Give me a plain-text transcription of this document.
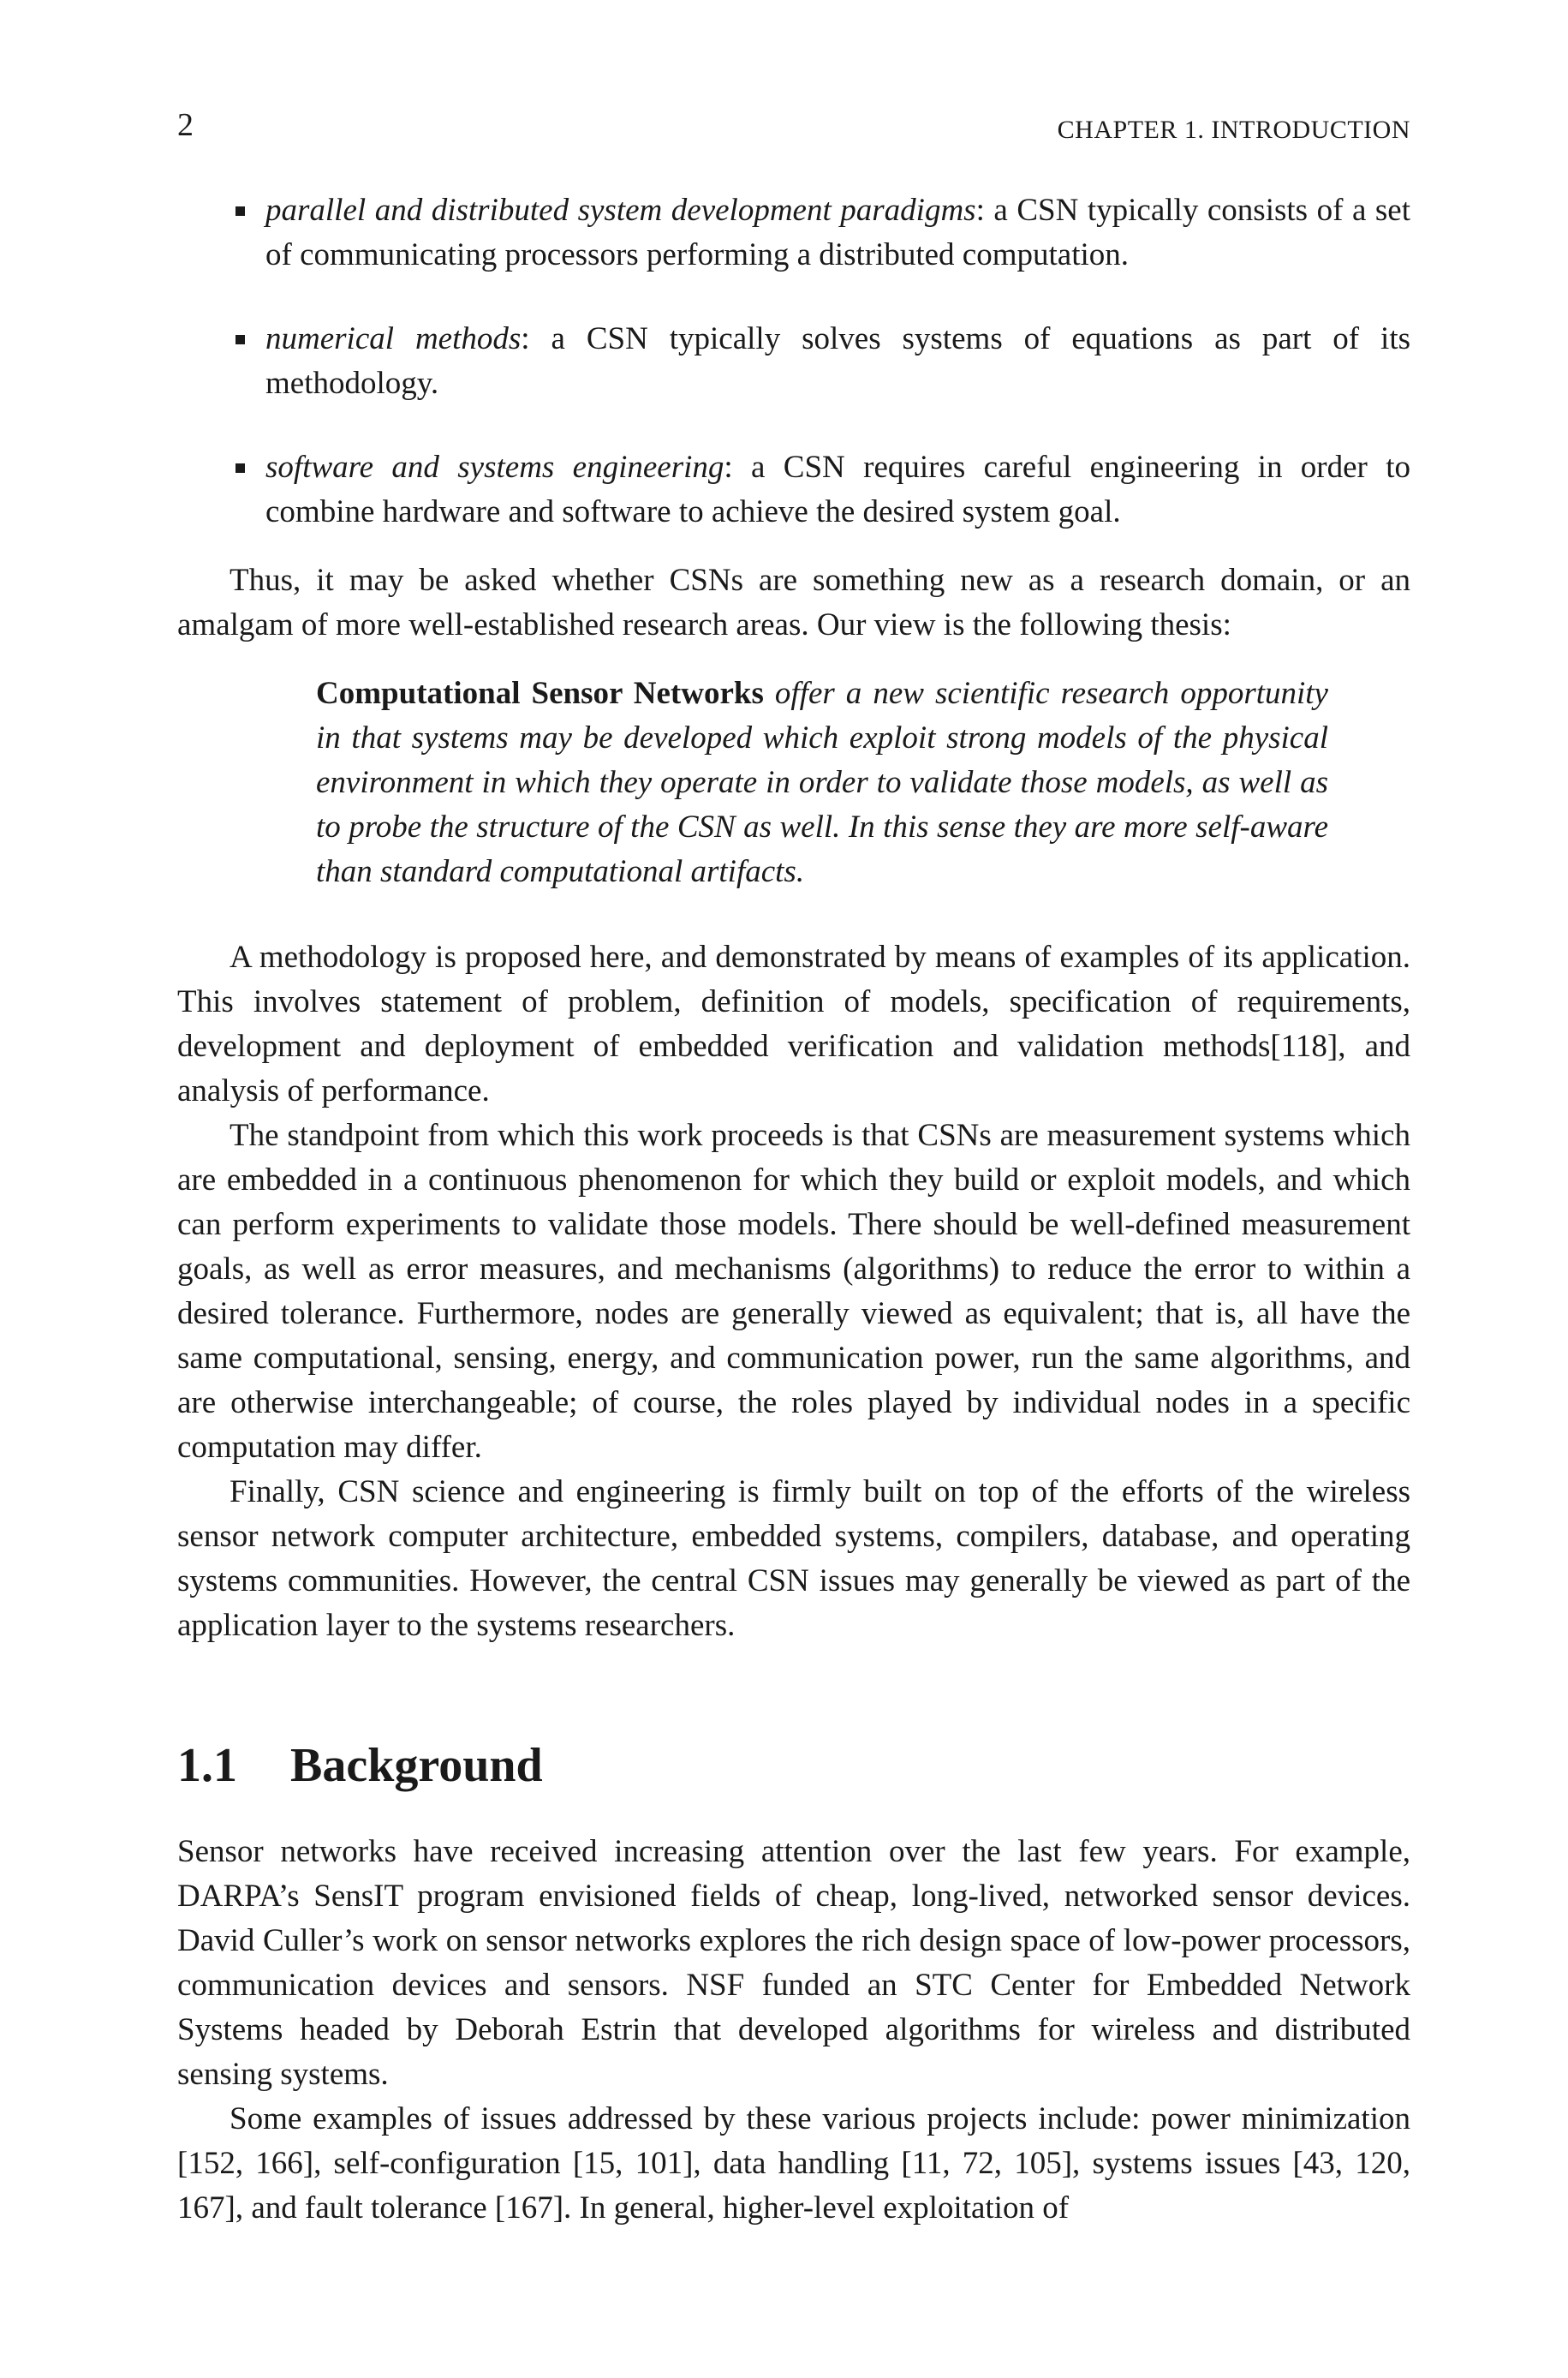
2	CHAPTER 1. INTRODUCTION
parallel and distributed system development paradigms: a CSN typically consists of a set of communicating processors performing a distributed computation.
numerical methods: a CSN typically solves systems of equations as part of its methodology.
software and systems engineering: a CSN requires careful engineering in order to combine hardware and software to achieve the desired system goal.

Thus, it may be asked whether CSNs are something new as a research domain, or an amalgam of more well-established research areas. Our view is the following thesis:

Computational Sensor Networks offer a new scientific research opportunity in that systems may be developed which exploit strong models of the physical environment in which they operate in order to validate those models, as well as to probe the structure of the CSN as well. In this sense they are more self-aware than standard computational artifacts.

A methodology is proposed here, and demonstrated by means of examples of its application. This involves statement of problem, definition of models, specification of requirements, development and deployment of embedded verification and validation methods[118], and analysis of performance.

The standpoint from which this work proceeds is that CSNs are measurement systems which are embedded in a continuous phenomenon for which they build or exploit models, and which can perform experiments to validate those models. There should be well-defined measurement goals, as well as error measures, and mechanisms (algorithms) to reduce the error to within a desired tolerance. Furthermore, nodes are generally viewed as equivalent; that is, all have the same computational, sensing, energy, and communication power, run the same algorithms, and are otherwise interchangeable; of course, the roles played by individual nodes in a specific computation may differ.

Finally, CSN science and engineering is firmly built on top of the efforts of the wireless sensor network computer architecture, embedded systems, compilers, database, and operating systems communities. However, the central CSN issues may generally be viewed as part of the application layer to the systems researchers.

1.1 Background

Sensor networks have received increasing attention over the last few years. For example, DARPA’s SensIT program envisioned fields of cheap, long-lived, networked sensor devices. David Culler’s work on sensor networks explores the rich design space of low-power processors, communication devices and sensors. NSF funded an STC Center for Embedded Network Systems headed by Deborah Estrin that developed algorithms for wireless and distributed sensing systems.

Some examples of issues addressed by these various projects include: power minimization [152, 166], self-configuration [15, 101], data handling [11, 72, 105], systems issues [43, 120, 167], and fault tolerance [167]. In general, higher-level exploitation of
